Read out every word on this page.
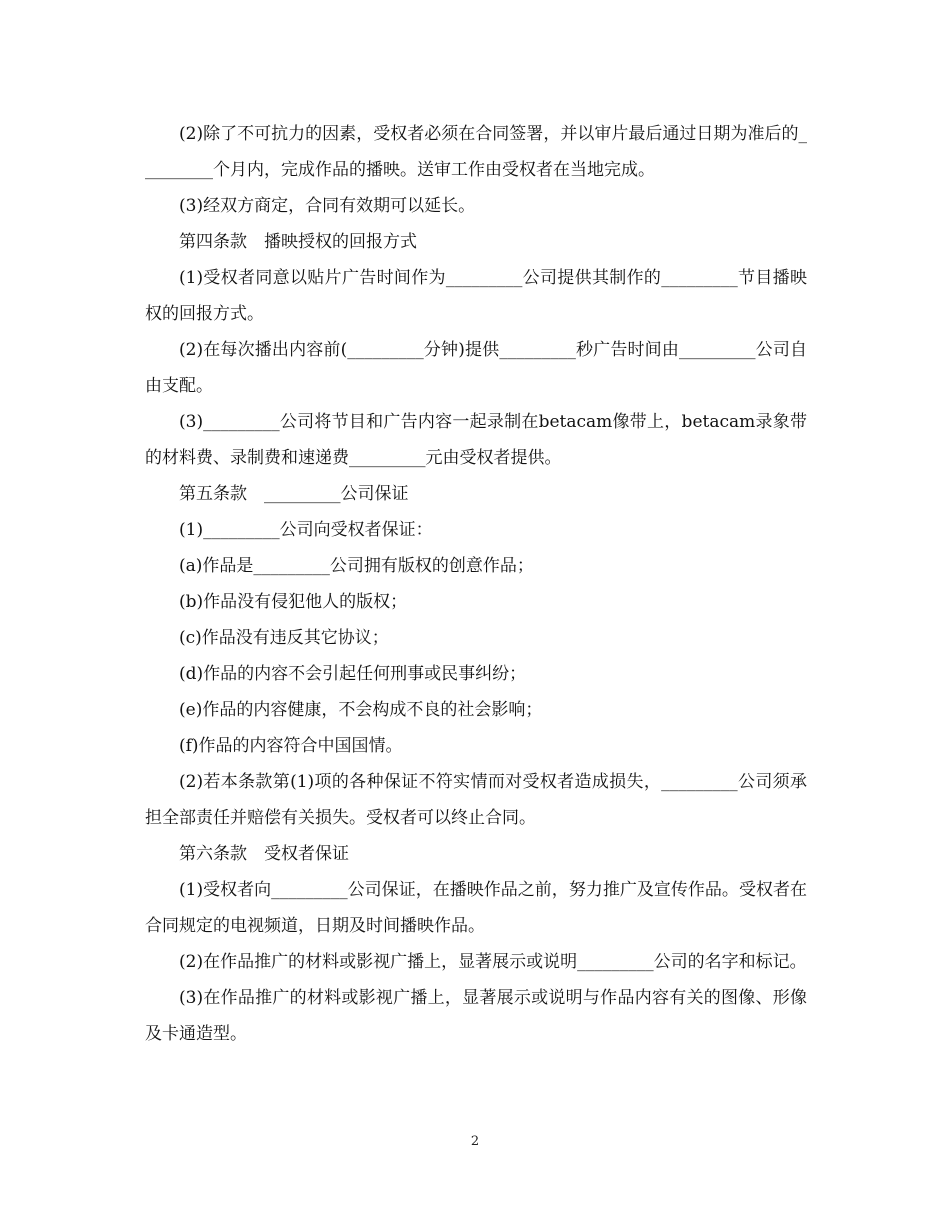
(2)除了不可抗力的因素，受权者必须在合同签署，并以审片最后通过日期为准后的_________个月内，完成作品的播映。送审工作由受权者在当地完成。

(3)经双方商定，合同有效期可以延长。

第四条款　播映授权的回报方式

(1)受权者同意以贴片广告时间作为_________公司提供其制作的_________节目播映权的回报方式。

(2)在每次播出内容前(_________分钟)提供_________秒广告时间由_________公司自由支配。

(3)_________公司将节目和广告内容一起录制在betacam像带上，betacam录象带的材料费、录制费和速递费_________元由受权者提供。

第五条款　_________公司保证

(1)_________公司向受权者保证：

(a)作品是_________公司拥有版权的创意作品；

(b)作品没有侵犯他人的版权；

(c)作品没有违反其它协议；

(d)作品的内容不会引起任何刑事或民事纠纷；

(e)作品的内容健康，不会构成不良的社会影响；

(f)作品的内容符合中国国情。

(2)若本条款第(1)项的各种保证不符实情而对受权者造成损失，_________公司须承担全部责任并赔偿有关损失。受权者可以终止合同。

第六条款　受权者保证

(1)受权者向_________公司保证，在播映作品之前，努力推广及宣传作品。受权者在合同规定的电视频道，日期及时间播映作品。

(2)在作品推广的材料或影视广播上，显著展示或说明_________公司的名字和标记。

(3)在作品推广的材料或影视广播上，显著展示或说明与作品内容有关的图像、形像及卡通造型。

2
